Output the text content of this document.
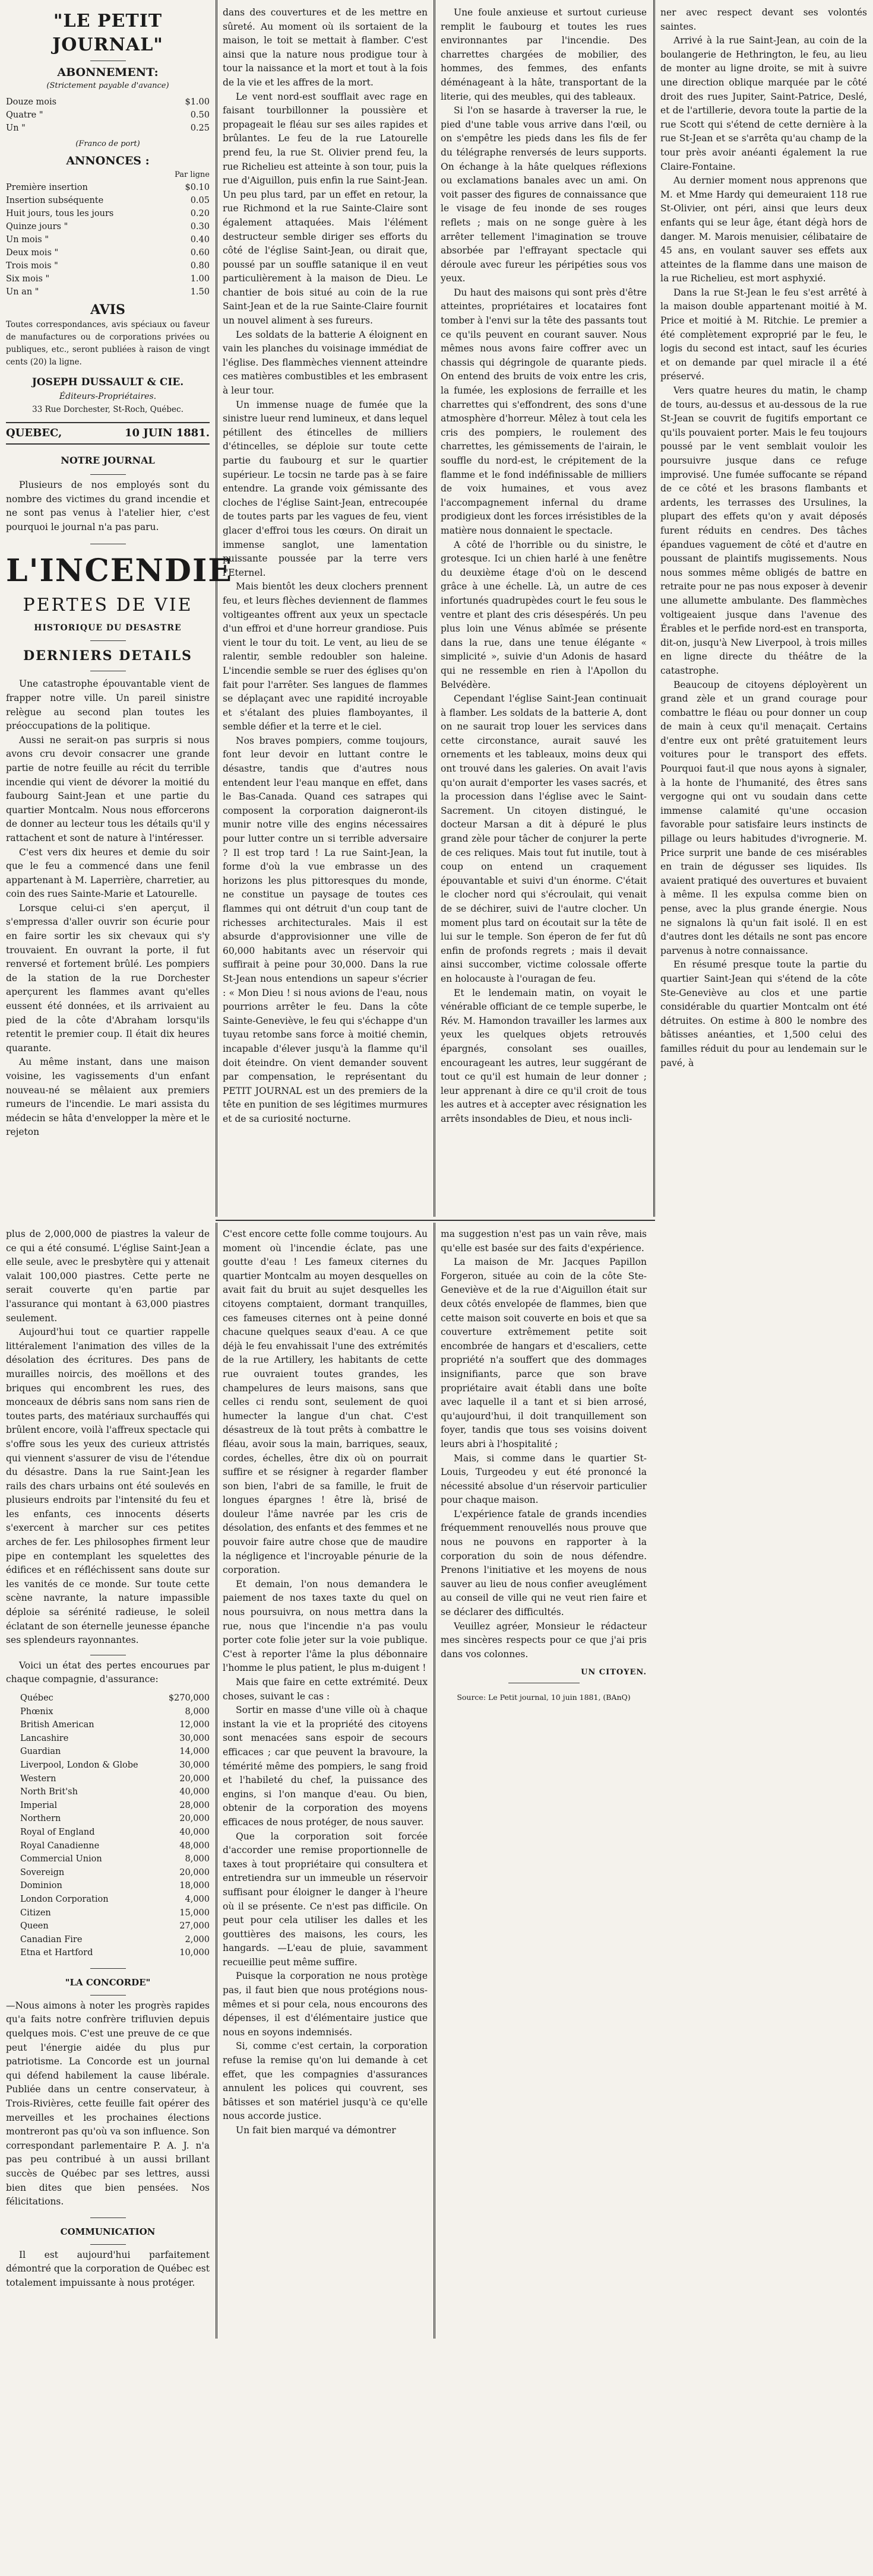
"LE PETIT JOURNAL"
ABONNEMENT:
(Strictement payable d'avance)
Douze mois	$1.00
Quatre "	0.50
Un "	0.25
(Franco de port)
ANNONCES :
Par ligne
Première insertion	$0.10
Insertion subséquente	0.05
Huit jours, tous les jours	0.20
Quinze jours "	0.30
Un mois "	0.40
Deux mois "	0.60
Trois mois "	0.80
Six mois "	1.00
Un an "	1.50
AVIS

Toutes correspondances, avis spéciaux ou faveur de manufactures ou de corporations privées ou publiques, etc., seront publiées à raison de vingt cents (20) la ligne.

JOSEPH DUSSAULT & CIE.
Éditeurs-Propriétaires.
33 Rue Dorchester, St-Roch, Québec.
QUEBEC,	10 JUIN 1881.
NOTRE JOURNAL

Plusieurs de nos employés sont du nombre des victimes du grand incendie et ne sont pas venus à l'atelier hier, c'est pourquoi le journal n'a pas paru.

L'INCENDIE
PERTES DE VIE
HISTORIQUE DU DESASTRE
DERNIERS DETAILS

Une catastrophe épouvantable vient de frapper notre ville. Un pareil sinistre relègue au second plan toutes les préoccupations de la politique.

Aussi ne serait-on pas surpris si nous avons cru devoir consacrer une grande partie de notre feuille au récit du terrible incendie qui vient de dévorer la moitié du faubourg Saint-Jean et une partie du quartier Montcalm. Nous nous efforcerons de donner au lecteur tous les détails qu'il y rattachent et sont de nature à l'intéresser.

C'est vers dix heures et demie du soir que le feu a commencé dans une fenil appartenant à M. Laperrière, charretier, au coin des rues Sainte-Marie et Latourelle.

Lorsque celui-ci s'en aperçut, il s'empressa d'aller ouvrir son écurie pour en faire sortir les six chevaux qui s'y trouvaient. En ouvrant la porte, il fut renversé et fortement brûlé. Les pompiers de la station de la rue Dorchester aperçurent les flammes avant qu'elles eussent été données, et ils arrivaient au pied de la côte d'Abraham lorsqu'ils retentit le premier coup. Il était dix heures quarante.

Au même instant, dans une maison voisine, les vagissements d'un enfant nouveau-né se mêlaient aux premiers rumeurs de l'incendie. Le mari assista du médecin se hâta d'envelopper la mère et le rejeton

dans des couvertures et de les mettre en sûreté. Au moment où ils sortaient de la maison, le toit se mettait à flamber. C'est ainsi que la nature nous prodigue tour à tour la naissance et la mort et tout à la fois de la vie et les affres de la mort.

Le vent nord-est soufflait avec rage en faisant tourbillonner la poussière et propageait le fléau sur ses ailes rapides et brûlantes. Le feu de la rue Latourelle prend feu, la rue St. Olivier prend feu, la rue Richelieu est atteinte à son tour, puis la rue d'Aiguillon, puis enfin la rue Saint-Jean. Un peu plus tard, par un effet en retour, la rue Richmond et la rue Sainte-Claire sont également attaquées. Mais l'élément destructeur semble diriger ses efforts du côté de l'église Saint-Jean, ou dirait que, poussé par un souffle satanique il en veut particulièrement à la maison de Dieu. Le chantier de bois situé au coin de la rue Saint-Jean et de la rue Sainte-Claire fournit un nouvel aliment à ses fureurs.

Les soldats de la batterie A éloignent en vain les planches du voisinage immédiat de l'église. Des flammèches viennent atteindre ces matières combustibles et les embrasent à leur tour.

Un immense nuage de fumée que la sinistre lueur rend lumineux, et dans lequel pétillent des étincelles de milliers d'étincelles, se déploie sur toute cette partie du faubourg et sur le quartier supérieur. Le tocsin ne tarde pas à se faire entendre. La grande voix gémissante des cloches de l'église Saint-Jean, entrecoupée de toutes parts par les vagues de feu, vient glacer d'effroi tous les cœurs. On dirait un immense sanglot, une lamentation puissante poussée par la terre vers l'Eternel.

Mais bientôt les deux clochers prennent feu, et leurs flèches deviennent de flammes voltigeantes offrent aux yeux un spectacle d'un effroi et d'une horreur grandiose. Puis vient le tour du toit. Le vent, au lieu de se ralentir, semble redoubler son haleine. L'incendie semble se ruer des églises qu'on fait pour l'arrêter. Ses langues de flammes se déplaçant avec une rapidité incroyable et s'étalant des pluies flamboyantes, il semble défier et la terre et le ciel.

Nos braves pompiers, comme toujours, font leur devoir en luttant contre le désastre, tandis que d'autres nous entendent leur l'eau manque en effet, dans le Bas-Canada. Quand ces satrapes qui composent la corporation daigneront-ils munir notre ville des engins nécessaires pour lutter contre un si terrible adversaire ? Il est trop tard ! La rue Saint-Jean, la forme d'où la vue embrasse un des horizons les plus pittoresques du monde, ne constitue un paysage de toutes ces flammes qui ont détruit d'un coup tant de richesses architecturales. Mais il est absurde d'approvisionner une ville de 60,000 habitants avec un réservoir qui suffirait à peine pour 30,000. Dans la rue St-Jean nous entendions un sapeur s'écrier : « Mon Dieu ! si nous avions de l'eau, nous pourrions arrêter le feu. Dans la côte Sainte-Geneviève, le feu qui s'échappe d'un tuyau retombe sans force à moitié chemin, incapable d'élever jusqu'à la flamme qu'il doit éteindre. On vient demander souvent par compensation, le représentant du PETIT JOURNAL est un des premiers de la tête en punition de ses légitimes murmures et de sa curiosité nocturne.

Une foule anxieuse et surtout curieuse remplit le faubourg et toutes les rues environnantes par l'incendie. Des charrettes chargées de mobilier, des hommes, des femmes, des enfants déménageant à la hâte, transportant de la literie, qui des meubles, qui des tableaux.

Si l'on se hasarde à traverser la rue, le pied d'une table vous arrive dans l'œil, ou on s'empêtre les pieds dans les fils de fer du télégraphe renversés de leurs supports. On échange à la hâte quelques réflexions ou exclamations banales avec un ami. On voit passer des figures de connaissance que le visage de feu inonde de ses rouges reflets ; mais on ne songe guère à les arrêter tellement l'imagination se trouve absorbée par l'effrayant spectacle qui déroule avec fureur les péripéties sous vos yeux.

Du haut des maisons qui sont près d'être atteintes, propriétaires et locataires font tomber à l'envi sur la tête des passants tout ce qu'ils peuvent en courant sauver. Nous mêmes nous avons faire coffrer avec un chassis qui dégringole de quarante pieds. On entend des bruits de voix entre les cris, la fumée, les explosions de ferraille et les charrettes qui s'effondrent, des sons d'une atmosphère d'horreur. Mêlez à tout cela les cris des pompiers, le roulement des charrettes, les gémissements de l'airain, le souffle du nord-est, le crépitement de la flamme et le fond indéfinissable de milliers de voix humaines, et vous avez l'accompagnement infernal du drame prodigieux dont les forces irrésistibles de la matière nous donnaient le spectacle.

A côté de l'horrible ou du sinistre, le grotesque. Ici un chien harlé à une fenêtre du deuxième étage d'où on le descend grâce à une échelle. Là, un autre de ces infortunés quadrupèdes court le feu sous le ventre et plant des cris désespérés. Un peu plus loin une Vénus abîmée se présente dans la rue, dans une tenue élégante « simplicité », suivie d'un Adonis de hasard qui ne ressemble en rien à l'Apollon du Belvédère.

Cependant l'église Saint-Jean continuait à flamber. Les soldats de la batterie A, dont on ne saurait trop louer les services dans cette circonstance, aurait sauvé les ornements et les tableaux, moins deux qui ont trouvé dans les galeries. On avait l'avis qu'on aurait d'emporter les vases sacrés, et la procession dans l'église avec le Saint-Sacrement. Un citoyen distingué, le docteur Marsan a dit à dépuré le plus grand zèle pour tâcher de conjurer la perte de ces reliques. Mais tout fut inutile, tout à coup on entend un craquement épouvantable et suivi d'un énorme. C'était le clocher nord qui s'écroulait, qui venait de se déchirer, suivi de l'autre clocher. Un moment plus tard on écoutait sur la tête de lui sur le temple. Son éperon de fer fut dû enfin de profonds regrets ; mais il devait ainsi succomber, victime colossale offerte en holocauste à l'ouragan de feu.

Et le lendemain matin, on voyait le vénérable officiant de ce temple superbe, le Rév. M. Hamondon travailler les larmes aux yeux les quelques objets retrouvés épargnés, consolant ses ouailles, encourageant les autres, leur suggérant de tout ce qu'il est humain de leur donner ; leur apprenant à dire ce qu'il croit de tous les autres et à accepter avec résignation les arrêts insondables de Dieu, et nous incli-

ner avec respect devant ses volontés saintes.

Arrivé à la rue Saint-Jean, au coin de la boulangerie de Hethrington, le feu, au lieu de monter au ligne droite, se mit à suivre une direction oblique marquée par le côté droit des rues Jupiter, Saint-Patrice, Deslé, et de l'artillerie, devora toute la partie de la rue Scott qui s'étend de cette dernière à la rue St-Jean et se s'arrêta qu'au champ de la tour près avoir anéanti également la rue Claire-Fontaine.

Au dernier moment nous apprenons que M. et Mme Hardy qui demeuraient 118 rue St-Olivier, ont péri, ainsi que leurs deux enfants qui se leur âge, étant dégà hors de danger. M. Marois menuisier, célibataire de 45 ans, en voulant sauver ses effets aux atteintes de la flamme dans une maison de la rue Richelieu, est mort asphyxié.

Dans la rue St-Jean le feu s'est arrêté à la maison double appartenant moitié à M. Price et moitié à M. Ritchie. Le premier a été complètement exproprié par le feu, le logis du second est intact, sauf les écuries et on demande par quel miracle il a été préservé.

Vers quatre heures du matin, le champ de tours, au-dessus et au-dessous de la rue St-Jean se couvrit de fugitifs emportant ce qu'ils pouvaient porter. Mais le feu toujours poussé par le vent semblait vouloir les poursuivre jusque dans ce refuge improvisé. Une fumée suffocante se répand de ce côté et les brasons flambants et ardents, les terrasses des Ursulines, la plupart des effets qu'on y avait déposés furent réduits en cendres. Des tâches épandues vaguement de côté et d'autre en poussant de plaintifs mugissements. Nous nous sommes même obligés de battre en retraite pour ne pas nous exposer à devenir une allumette ambulante. Des flammèches voltigeaient jusque dans l'avenue des Érables et le perfide nord-est en transporta, dit-on, jusqu'à New Liverpool, à trois milles en ligne directe du théâtre de la catastrophe.

Beaucoup de citoyens déployèrent un grand zèle et un grand courage pour combattre le fléau ou pour donner un coup de main à ceux qu'il menaçait. Certains d'entre eux ont prêté gratuitement leurs voitures pour le transport des effets. Pourquoi faut-il que nous ayons à signaler, à la honte de l'humanité, des êtres sans vergogne qui ont vu soudain dans cette immense calamité qu'une occasion favorable pour satisfaire leurs instincts de pillage ou leurs habitudes d'ivrognerie. M. Price surprit une bande de ces misérables en train de dégusser ses liquides. Ils avaient pratiqué des ouvertures et buvaient à même. Il les expulsa comme bien on pense, avec la plus grande énergie. Nous ne signalons là qu'un fait isolé. Il en est d'autres dont les détails ne sont pas encore parvenus à notre connaissance.

En résumé presque toute la partie du quartier Saint-Jean qui s'étend de la côte Ste-Geneviève au clos et une partie considérable du quartier Montcalm ont été détruites. On estime à 800 le nombre des bâtisses anéanties, et 1,500 celui des familles réduit du pour au lendemain sur le pavé, à

plus de 2,000,000 de piastres la valeur de ce qui a été consumé. L'église Saint-Jean a elle seule, avec le presbytère qui y attenait valait 100,000 piastres. Cette perte ne serait couverte qu'en partie par l'assurance qui montant à 63,000 piastres seulement.

Aujourd'hui tout ce quartier rappelle littéralement l'animation des villes de la désolation des écritures. Des pans de murailles noircis, des moëllons et des briques qui encombrent les rues, des monceaux de débris sans nom sans rien de toutes parts, des matériaux surchauffés qui brûlent encore, voilà l'affreux spectacle qui s'offre sous les yeux des curieux attristés qui viennent s'assurer de visu de l'étendue du désastre. Dans la rue Saint-Jean les rails des chars urbains ont été soulevés en plusieurs endroits par l'intensité du feu et les enfants, ces innocents déserts s'exercent à marcher sur ces petites arches de fer. Les philosophes firment leur pipe en contemplant les squelettes des édifices et en réfléchissent sans doute sur les vanités de ce monde. Sur toute cette scène navrante, la nature impassible déploie sa sérénité radieuse, le soleil éclatant de son éternelle jeunesse épanche ses splendeurs rayonnantes.

Voici un état des pertes encourues par chaque compagnie, d'assurance:

Québec	$270,000
Phœnix	8,000
British American	12,000
Lancashire	30,000
Guardian	14,000
Liverpool, London & Globe	30,000
Western	20,000
North Brit'sh	40,000
Imperial	28,000
Northern	20,000
Royal of England	40,000
Royal Canadienne	48,000
Commercial Union	8,000
Sovereign	20,000
Dominion	18,000
London Corporation	4,000
Citizen	15,000
Queen	27,000
Canadian Fire	2,000
Etna et Hartford	10,000
"LA CONCORDE"

—Nous aimons à noter les progrès rapides qu'a faits notre confrère trifluvien depuis quelques mois. C'est une preuve de ce que peut l'énergie aidée du plus pur patriotisme. La Concorde est un journal qui défend habilement la cause libérale. Publiée dans un centre conservateur, à Trois-Rivières, cette feuille fait opérer des merveilles et les prochaines élections montreront pas qu'où va son influence. Son correspondant parlementaire P. A. J. n'a pas peu contribué à un aussi brillant succès de Québec par ses lettres, aussi bien dites que bien pensées. Nos félicitations.

COMMUNICATION

Il est aujourd'hui parfaitement démontré que la corporation de Québec est totalement impuissante à nous protéger.

C'est encore cette folle comme toujours. Au moment où l'incendie éclate, pas une goutte d'eau ! Les fameux citernes du quartier Montcalm au moyen desquelles on avait fait du bruit au sujet desquelles les citoyens comptaient, dormant tranquilles, ces fameuses citernes ont à peine donné chacune quelques seaux d'eau. A ce que déjà le feu envahissait l'une des extrémités de la rue Artillery, les habitants de cette rue ouvraient toutes grandes, les champelures de leurs maisons, sans que celles ci rendu sont, seulement de quoi humecter la langue d'un chat. C'est désastreux de là tout prêts à combattre le fléau, avoir sous la main, barriques, seaux, cordes, échelles, être dix où on pourrait suffire et se résigner à regarder flamber son bien, l'abri de sa famille, le fruit de longues épargnes ! être là, brisé de douleur l'âme navrée par les cris de désolation, des enfants et des femmes et ne pouvoir faire autre chose que de maudire la négligence et l'incroyable pénurie de la corporation.

Et demain, l'on nous demandera le paiement de nos taxes taxte du quel on nous poursuivra, on nous mettra dans la rue, nous que l'incendie n'a pas voulu porter cote folie jeter sur la voie publique. C'est à reporter l'âme la plus débonnaire l'homme le plus patient, le plus m-duigent !

Mais que faire en cette extrémité. Deux choses, suivant le cas :

Sortir en masse d'une ville où à chaque instant la vie et la propriété des citoyens sont menacées sans espoir de secours efficaces ; car que peuvent la bravoure, la témérité même des pompiers, le sang froid et l'habileté du chef, la puissance des engins, si l'on manque d'eau. Ou bien, obtenir de la corporation des moyens efficaces de nous protéger, de nous sauver.

Que la corporation soit forcée d'accorder une remise proportionnelle de taxes à tout propriétaire qui consultera et entretiendra sur un immeuble un réservoir suffisant pour éloigner le danger à l'heure où il se présente. Ce n'est pas difficile. On peut pour cela utiliser les dalles et les gouttières des maisons, les cours, les hangards. —L'eau de pluie, savamment recueillie peut même suffire.

Puisque la corporation ne nous protège pas, il faut bien que nous protégions nous-mêmes et si pour cela, nous encourons des dépenses, il est d'élémentaire justice que nous en soyons indemnisés.

Si, comme c'est certain, la corporation refuse la remise qu'on lui demande à cet effet, que les compagnies d'assurances annulent les polices qui couvrent, ses bâtisses et son matériel jusqu'à ce qu'elle nous accorde justice.

Un fait bien marqué va démontrer

ma suggestion n'est pas un vain rêve, mais qu'elle est basée sur des faits d'expérience.

La maison de Mr. Jacques Papillon Forgeron, située au coin de la côte Ste-Geneviève et de la rue d'Aiguillon était sur deux côtés envelopée de flammes, bien que cette maison soit couverte en bois et que sa couverture extrêmement petite soit encombrée de hangars et d'escaliers, cette propriété n'a souffert que des dommages insignifiants, parce que son brave propriétaire avait établi dans une boîte avec laquelle il a tant et si bien arrosé, qu'aujourd'hui, il doit tranquillement son foyer, tandis que tous ses voisins doivent leurs abri à l'hospitalité ;

Mais, si comme dans le quartier St-Louis, Turgeodeu y eut été prononcé la nécessité absolue d'un réservoir particulier pour chaque maison.

L'expérience fatale de grands incendies fréquemment renouvellés nous prouve que nous ne pouvons en rapporter à la corporation du soin de nous défendre. Prenons l'initiative et les moyens de nous sauver au lieu de nous confier aveuglément au conseil de ville qui ne veut rien faire et se déclarer des difficultés.

Veuillez agréer, Monsieur le rédacteur mes sincères respects pour ce que j'ai pris dans vos colonnes.

UN CITOYEN.
Source: Le Petit journal, 10 juin 1881, (BAnQ)
